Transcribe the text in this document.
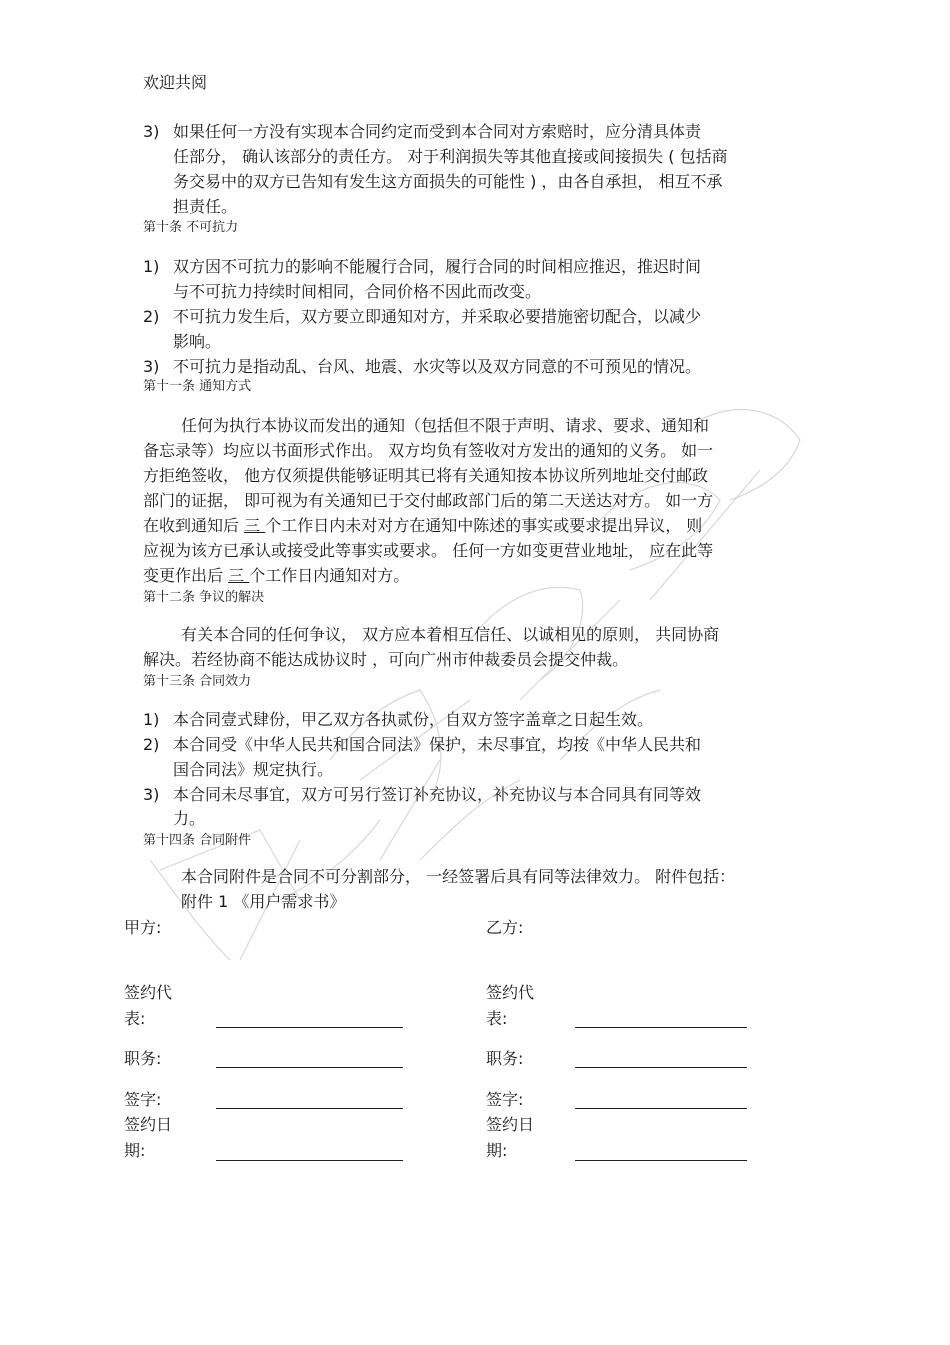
欢迎共阅
3) 如果任何一方没有实现本合同约定而受到本合同对方索赔时，应分清具体责
任部分， 确认该部分的责任方。 对于利润损失等其他直接或间接损失 ( 包括商
务交易中的双方已告知有发生这方面损失的可能性 ) ，由各自承担， 相互不承
担责任。
第十条 不可抗力
1) 双方因不可抗力的影响不能履行合同，履行合同的时间相应推迟，推迟时间
与不可抗力持续时间相同，合同价格不因此而改变。
2) 不可抗力发生后，双方要立即通知对方，并采取必要措施密切配合，以减少
影响。
3) 不可抗力是指动乱、台风、地震、水灾等以及双方同意的不可预见的情况。
第十一条 通知方式
任何为执行本协议而发出的通知（包括但不限于声明、请求、要求、通知和
备忘录等）均应以书面形式作出。 双方均负有签收对方发出的通知的义务。 如一
方拒绝签收， 他方仅须提供能够证明其已将有关通知按本协议所列地址交付邮政
部门的证据， 即可视为有关通知已于交付邮政部门后的第二天送达对方。 如一方
在收到通知后 三 个工作日内未对对方在通知中陈述的事实或要求提出异议， 则
应视为该方已承认或接受此等事实或要求。 任何一方如变更营业地址， 应在此等
变更作出后 三 个工作日内通知对方。
第十二条 争议的解决
有关本合同的任何争议， 双方应本着相互信任、以诚相见的原则， 共同协商
解决。若经协商不能达成协议时 ，可向广州市仲裁委员会提交仲裁。
第十三条 合同效力
1) 本合同壹式肆份，甲乙双方各执贰份，自双方签字盖章之日起生效。
2) 本合同受《中华人民共和国合同法》保护，未尽事宜，均按《中华人民共和
国合同法》规定执行。
3) 本合同未尽事宜，双方可另行签订补充协议，补充协议与本合同具有同等效
力。
第十四条 合同附件
本合同附件是合同不可分割部分， 一经签署后具有同等法律效力。 附件包括：
附件 1 《用户需求书》
甲方:
签约代
表:
职务:
签字:
签约日
期:
乙方:
签约代
表:
职务:
签字:
签约日
期:
